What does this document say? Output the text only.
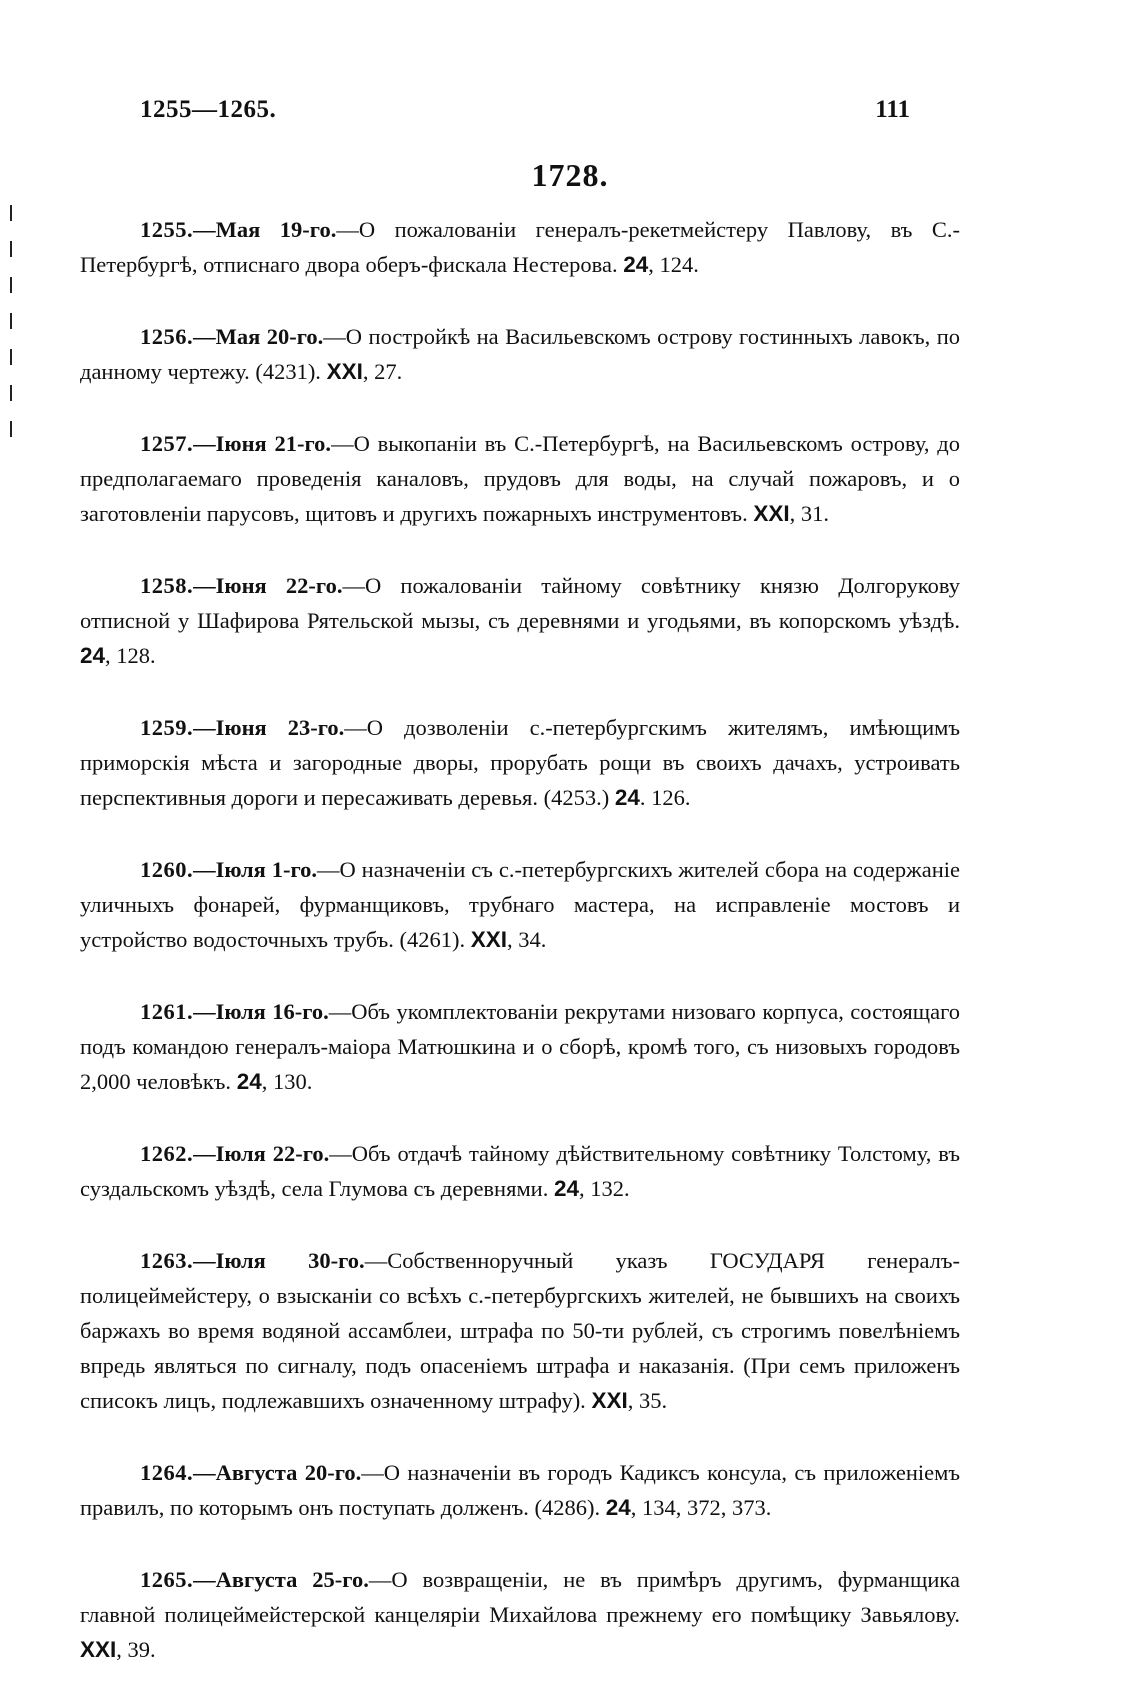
1255—1265.	111
1728.

1255.—Мая 19-го.—О пожалованіи генералъ-рекетмейстеру Павлову, въ С.-Петербургѣ, отписнаго двора оберъ-фискала Нестерова. 24, 124.

1256.—Мая 20-го.—О постройкѣ на Васильевскомъ острову гостинныхъ лавокъ, по данному чертежу. (4231). XXI, 27.

1257.—Іюня 21-го.—О выкопаніи въ С.-Петербургѣ, на Васильевскомъ острову, до предполагаемаго проведенія каналовъ, прудовъ для воды, на случай пожаровъ, и о заготовленіи парусовъ, щитовъ и другихъ пожарныхъ инструментовъ. XXI, 31.

1258.—Іюня 22-го.—О пожалованіи тайному совѣтнику князю Долгорукову отписной у Шафирова Рятельской мызы, съ деревнями и угодьями, въ копорскомъ уѣздѣ. 24, 128.

1259.—Іюня 23-го.—О дозволеніи с.-петербургскимъ жителямъ, имѣющимъ приморскія мѣста и загородные дворы, прорубать рощи въ своихъ дачахъ, устроивать перспективныя дороги и пересаживать деревья. (4253.) 24. 126.

1260.—Іюля 1-го.—О назначеніи съ с.-петербургскихъ жителей сбора на содержаніе уличныхъ фонарей, фурманщиковъ, трубнаго мастера, на исправленіе мостовъ и устройство водосточныхъ трубъ. (4261). XXI, 34.

1261.—Іюля 16-го.—Объ укомплектованіи рекрутами низоваго корпуса, состоящаго подъ командою генералъ-маіора Матюшкина и о сборѣ, кромѣ того, съ низовыхъ городовъ 2,000 человѣкъ. 24, 130.

1262.—Іюля 22-го.—Объ отдачѣ тайному дѣйствительному совѣтнику Толстому, въ суздальскомъ уѣздѣ, села Глумова съ деревнями. 24, 132.

1263.—Іюля 30-го.—Собственноручный указъ ГОСУДАРЯ генералъ-полицеймейстеру, о взысканіи со всѣхъ с.-петербургскихъ жителей, не бывшихъ на своихъ баржахъ во время водяной ассамблеи, штрафа по 50-ти рублей, съ строгимъ повелѣніемъ впредь являться по сигналу, подъ опасеніемъ штрафа и наказанія. (При семъ приложенъ списокъ лицъ, подлежавшихъ означенному штрафу). XXI, 35.

1264.—Августа 20-го.—О назначеніи въ городъ Кадиксъ консула, съ приложеніемъ правилъ, по которымъ онъ поступать долженъ. (4286). 24, 134, 372, 373.

1265.—Августа 25-го.—О возвращеніи, не въ примѣръ другимъ, фурманщика главной полицеймейстерской канцеляріи Михайлова прежнему его помѣщику Завьялову. XXI, 39.
